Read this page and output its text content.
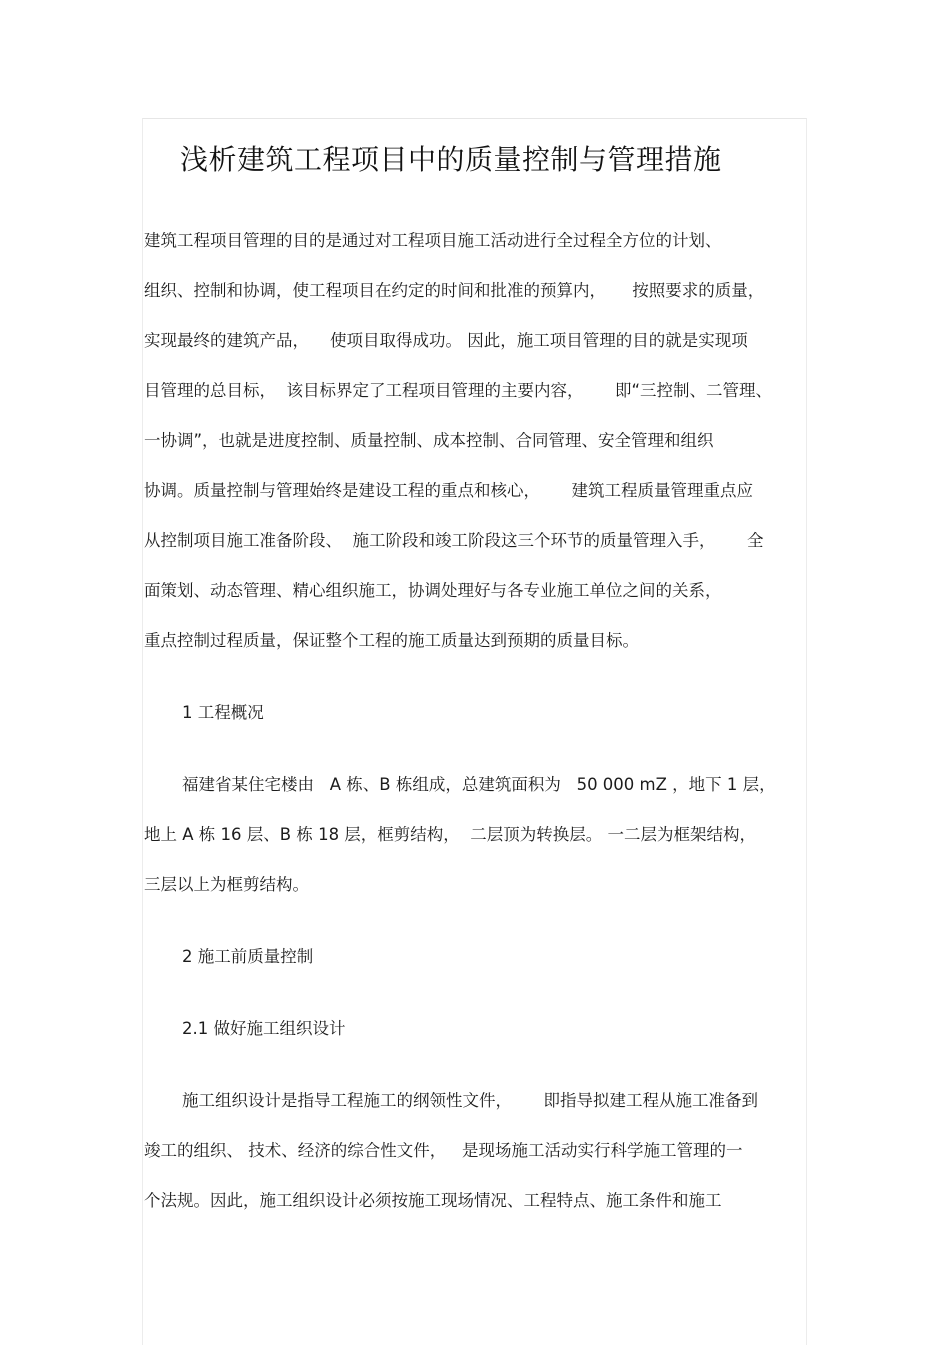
浅析建筑工程项目中的质量控制与管理措施
建筑工程项目管理的目的是通过对工程项目施工活动进行全过程全方位的计划、
组织、控制和协调，使工程项目在约定的时间和批准的预算内，     按照要求的质量，
实现最终的建筑产品，    使项目取得成功。 因此，施工项目管理的目的就是实现项
目管理的总目标，  该目标界定了工程项目管理的主要内容，      即“三控制、二管理、
一协调”，也就是进度控制、质量控制、成本控制、合同管理、安全管理和组织
协调。质量控制与管理始终是建设工程的重点和核心，      建筑工程质量管理重点应
从控制项目施工准备阶段、  施工阶段和竣工阶段这三个环节的质量管理入手，      全
面策划、动态管理、精心组织施工，协调处理好与各专业施工单位之间的关系，
重点控制过程质量，保证整个工程的施工质量达到预期的质量目标。
1 工程概况
福建省某住宅楼由   A 栋、B 栋组成，总建筑面积为   50 000 mZ ，地下 1 层，
地上 A 栋 16 层、B 栋 18 层，框剪结构，  二层顶为转换层。 一二层为框架结构，
三层以上为框剪结构。
2 施工前质量控制
2.1 做好施工组织设计
施工组织设计是指导工程施工的纲领性文件，      即指导拟建工程从施工准备到
竣工的组织、 技术、经济的综合性文件，   是现场施工活动实行科学施工管理的一
个法规。因此，施工组织设计必须按施工现场情况、工程特点、施工条件和施工
